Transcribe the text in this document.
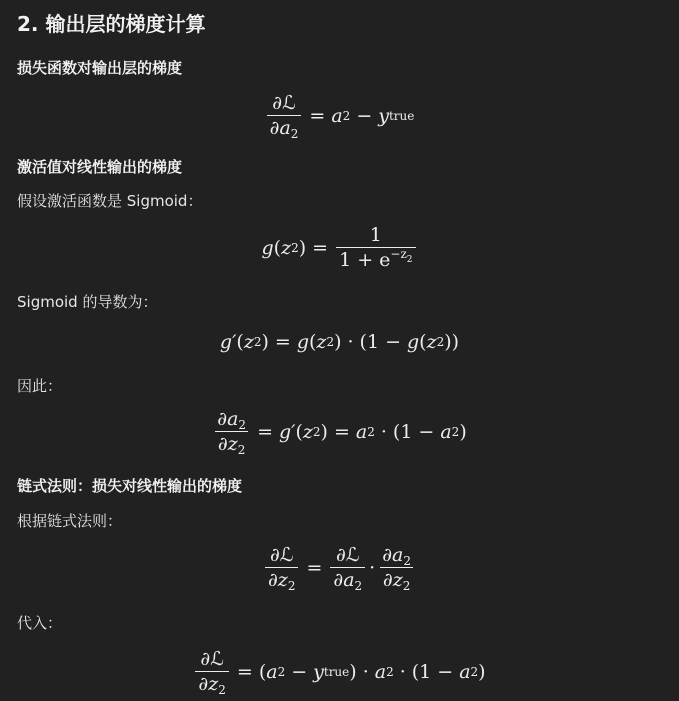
2. 输出层的梯度计算
损失函数对输出层的梯度
$\frac{\text{∂ℒ}}{\partial a_2} = a$ 2 − y true
激活值对线性输出的梯度
假设激活函数是 Sigmoid：
g ( z 2 ) = $\frac{1}{1 + e^{-z_2}}$
Sigmoid 的导数为：
g′ ( z 2 ) = g ( z 2 ) · ( 1 − g ( z 2 ))
因此：
$\frac{\partial a_2}{\partial z_2} = g'$ ( z 2 ) = a 2 · (1 − a 2 )
链式法则：损失对线性输出的梯度
根据链式法则：
$\frac{\text{∂ℒ}}{\partial z_2} = \frac{\text{∂ℒ}}{\partial a_2} \cdot \frac{\partial a_2}{\partial z_2}$
代入：
$\frac{\text{∂ℒ}}{\partial z_2}$ = ( a 2 − y true ) · a 2 · (1 − a 2 )
